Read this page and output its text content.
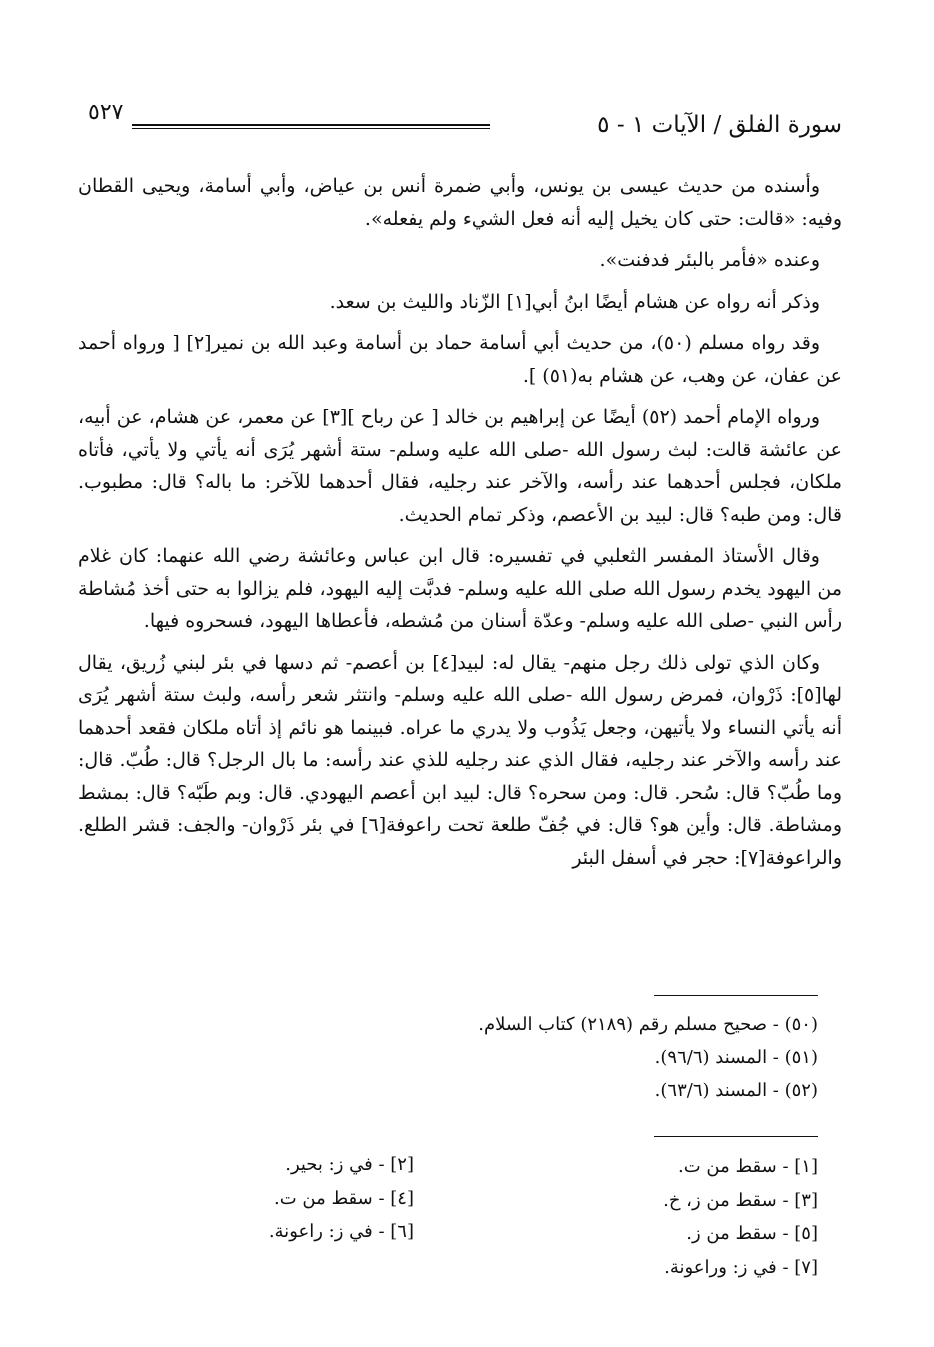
سورة الفلق / الآيات ١ - ٥
٥٢٧

وأسنده من حديث عيسى بن يونس، وأبي ضمرة أنس بن عياض، وأبي أسامة، ويحيى القطان وفيه: «قالت: حتى كان يخيل إليه أنه فعل الشيء ولم يفعله».

وعنده «فأمر بالبئر فدفنت».

وذكر أنه رواه عن هشام أيضًا ابنُ أبي[١] الزّناد والليث بن سعد.

وقد رواه مسلم (٥٠)، من حديث أبي أسامة حماد بن أسامة وعبد الله بن نمير[٢] [ ورواه أحمد عن عفان، عن وهب، عن هشام به(٥١) ].

ورواه الإمام أحمد (٥٢) أيضًا عن إبراهيم بن خالد [ عن رباح ][٣] عن معمر، عن هشام، عن أبيه، عن عائشة قالت: لبث رسول الله -صلى الله عليه وسلم- ستة أشهر يُرَى أنه يأتي ولا يأتي، فأتاه ملكان، فجلس أحدهما عند رأسه، والآخر عند رجليه، فقال أحدهما للآخر: ما باله؟ قال: مطبوب. قال: ومن طبه؟ قال: لبيد بن الأعصم، وذكر تمام الحديث.

وقال الأستاذ المفسر الثعلبي في تفسيره: قال ابن عباس وعائشة رضي الله عنهما: كان غلام من اليهود يخدم رسول الله صلى الله عليه وسلم- فدبَّت إليه اليهود، فلم يزالوا به حتى أخذ مُشاطة رأس النبي -صلى الله عليه وسلم- وعدّة أسنان من مُشطه، فأعطاها اليهود، فسحروه فيها.

وكان الذي تولى ذلك رجل منهم- يقال له: لبيد[٤] بن أعصم- ثم دسها في بئر لبني زُريق، يقال لها[٥]: ذَرْوان، فمرض رسول الله -صلى الله عليه وسلم- وانتثر شعر رأسه، ولبث ستة أشهر يُرَى أنه يأتي النساء ولا يأتيهن، وجعل يَذُوب ولا يدري ما عراه. فبينما هو نائم إذ أتاه ملكان فقعد أحدهما عند رأسه والآخر عند رجليه، فقال الذي عند رجليه للذي عند رأسه: ما بال الرجل؟ قال: طُبّ. قال: وما طُبّ؟ قال: سُحر. قال: ومن سحره؟ قال: لبيد ابن أعصم اليهودي. قال: وبم طَبّه؟ قال: بمشط ومشاطة. قال: وأين هو؟ قال: في جُفّ طلعة تحت راعوفة[٦] في بئر ذَرْوان- والجف: قشر الطلع. والراعوفة[٧]: حجر في أسفل البئر

(٥٠) - صحيح مسلم رقم (٢١٨٩) كتاب السلام.
(٥١) - المسند (٩٦/٦).
(٥٢) - المسند (٦٣/٦).
[١] - سقط من ت.
[٣] - سقط من ز، خ.
[٥] - سقط من ز.
[٧] - في ز: وراعونة.
[٢] - في ز: بحير.
[٤] - سقط من ت.
[٦] - في ز: راعونة.
